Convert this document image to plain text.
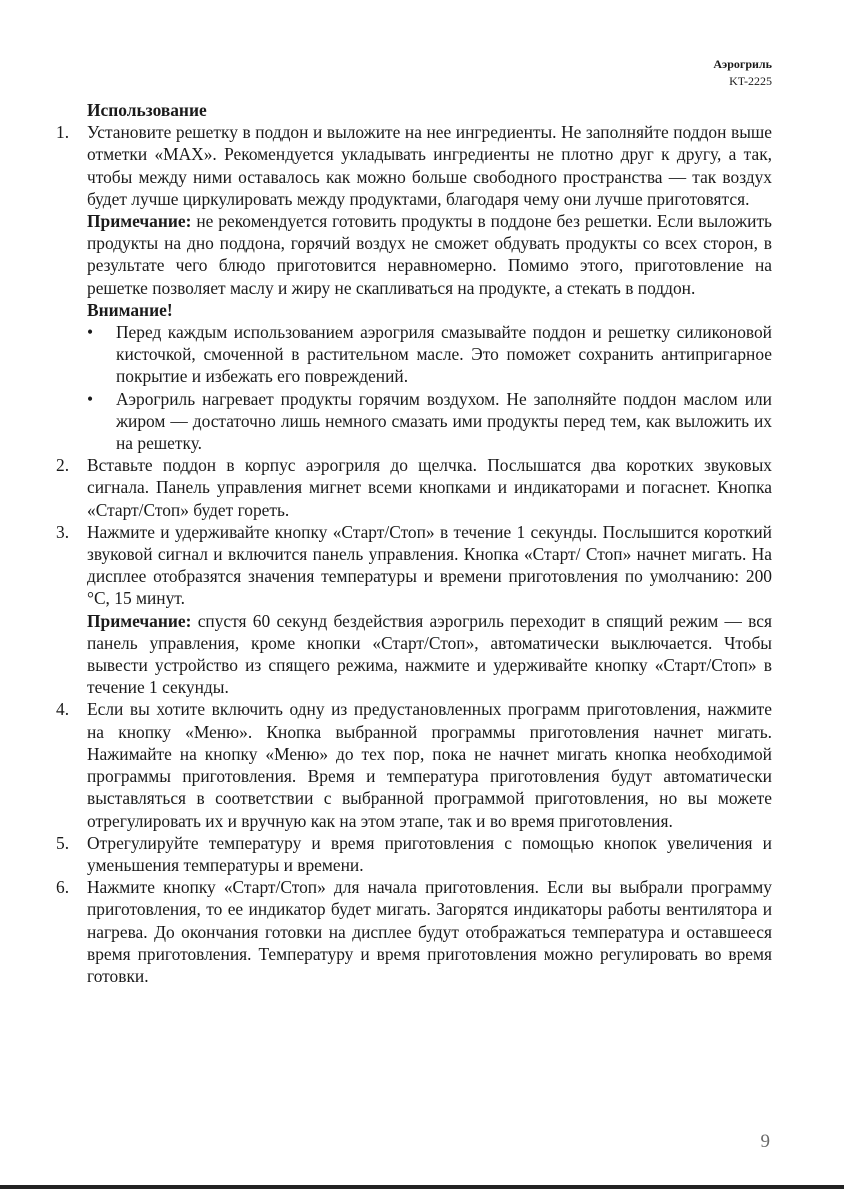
Аэрогриль
KT-2225

Использование

1. Установите решетку в поддон и выложите на нее ингредиенты. Не заполняйте поддон выше отметки «MAX». Рекомендуется укладывать ингредиенты не плотно друг к другу, а так, чтобы между ними оставалось как можно больше свободного пространства — так воздух будет лучше циркулировать между продуктами, благодаря чему они лучше приготовятся.

Примечание: не рекомендуется готовить продукты в поддоне без решетки. Если выложить продукты на дно поддона, горячий воздух не сможет обдувать продукты со всех сторон, в результате чего блюдо приготовится неравномерно. Помимо этого, приготовление на решетке позволяет маслу и жиру не скапливаться на продукте, а стекать в поддон.

Внимание!

• Перед каждым использованием аэрогриля смазывайте поддон и решетку силиконовой кисточкой, смоченной в растительном масле. Это поможет сохранить антипригарное покрытие и избежать его повреждений.

• Аэрогриль нагревает продукты горячим воздухом. Не заполняйте поддон маслом или жиром — достаточно лишь немного смазать ими продукты перед тем, как выложить их на решетку.

2. Вставьте поддон в корпус аэрогриля до щелчка. Послышатся два коротких звуковых сигнала. Панель управления мигнет всеми кнопками и индикаторами и погаснет. Кнопка «Старт/Стоп» будет гореть.

3. Нажмите и удерживайте кнопку «Старт/Стоп» в течение 1 секунды. Послышится короткий звуковой сигнал и включится панель управления. Кнопка «Старт/ Стоп» начнет мигать. На дисплее отобразятся значения температуры и времени приготовления по умолчанию: 200 °С, 15 минут.

Примечание: спустя 60 секунд бездействия аэрогриль переходит в спящий режим — вся панель управления, кроме кнопки «Старт/Стоп», автоматически выключается. Чтобы вывести устройство из спящего режима, нажмите и удерживайте кнопку «Старт/Стоп» в течение 1 секунды.

4. Если вы хотите включить одну из предустановленных программ приготовления, нажмите на кнопку «Меню». Кнопка выбранной программы приготовления начнет мигать. Нажимайте на кнопку «Меню» до тех пор, пока не начнет мигать кнопка необходимой программы приготовления. Время и температура приготовления будут автоматически выставляться в соответствии с выбранной программой приготовления, но вы можете отрегулировать их и вручную как на этом этапе, так и во время приготовления.

5. Отрегулируйте температуру и время приготовления с помощью кнопок увеличения и уменьшения температуры и времени.

6. Нажмите кнопку «Старт/Стоп» для начала приготовления. Если вы выбрали программу приготовления, то ее индикатор будет мигать. Загорятся индикаторы работы вентилятора и нагрева. До окончания готовки на дисплее будут отображаться температура и оставшееся время приготовления. Температуру и время приготовления можно регулировать во время готовки.

9
